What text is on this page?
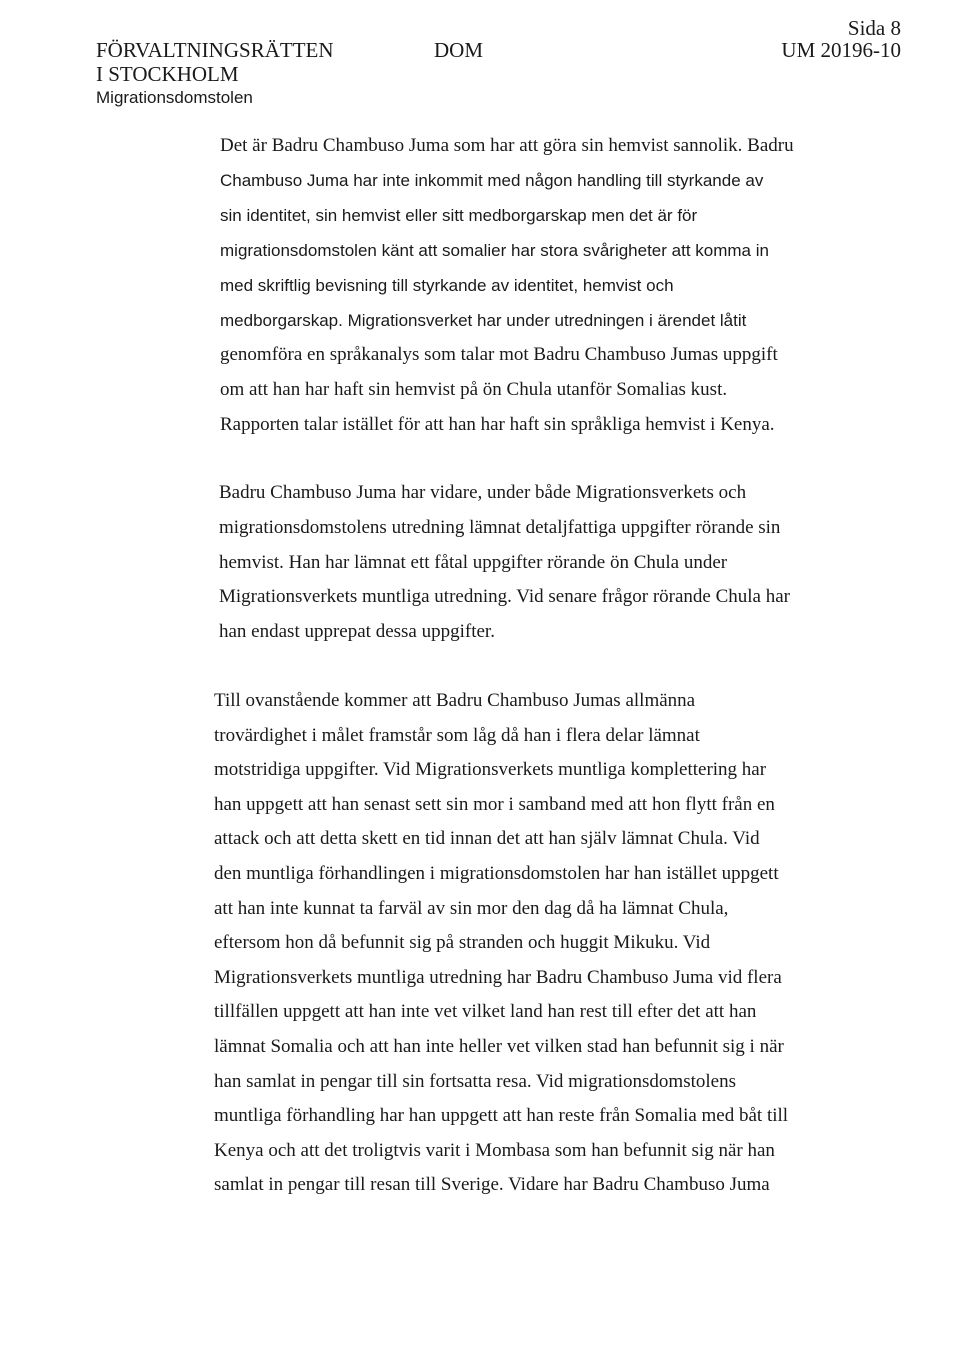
FÖRVALTNINGSRÄTTEN
I STOCKHOLM
Migrationsdomstolen
DOM
Sida 8
UM 20196-10
Det är Badru Chambuso Juma som har att göra sin hemvist sannolik. Badru
Chambuso Juma har inte inkommit med någon handling till styrkande av
sin identitet, sin hemvist eller sitt medborgarskap men det är för
migrationsdomstolen känt att somalier har stora svårigheter att komma in
med skriftlig bevisning till styrkande av identitet, hemvist och
medborgarskap. Migrationsverket har under utredningen i ärendet låtit
genomföra en språkanalys som talar mot Badru Chambuso Jumas uppgift
om att han har haft sin hemvist på ön Chula utanför Somalias kust.
Rapporten talar istället för att han har haft sin språkliga hemvist i Kenya.
Badru Chambuso Juma har vidare, under både Migrationsverkets och
migrationsdomstolens utredning lämnat detaljfattiga uppgifter rörande sin
hemvist. Han har lämnat ett fåtal uppgifter rörande ön Chula under
Migrationsverkets muntliga utredning. Vid senare frågor rörande Chula har
han endast upprepat dessa uppgifter.
Till ovanstående kommer att Badru Chambuso Jumas allmänna
trovärdighet i målet framstår som låg då han i flera delar lämnat
motstridiga uppgifter. Vid Migrationsverkets muntliga komplettering har
han uppgett att han senast sett sin mor i samband med att hon flytt från en
attack och att detta skett en tid innan det att han själv lämnat Chula. Vid
den muntliga förhandlingen i migrationsdomstolen har han istället uppgett
att han inte kunnat ta farväl av sin mor den dag då ha lämnat Chula,
eftersom hon då befunnit sig på stranden och huggit Mikuku. Vid
Migrationsverkets muntliga utredning har Badru Chambuso Juma vid flera
tillfällen uppgett att han inte vet vilket land han rest till efter det att han
lämnat Somalia och att han inte heller vet vilken stad han befunnit sig i när
han samlat in pengar till sin fortsatta resa. Vid migrationsdomstolens
muntliga förhandling har han uppgett att han reste från Somalia med båt till
Kenya och att det troligtvis varit i Mombasa som han befunnit sig när han
samlat in pengar till resan till Sverige. Vidare har Badru Chambuso Juma
